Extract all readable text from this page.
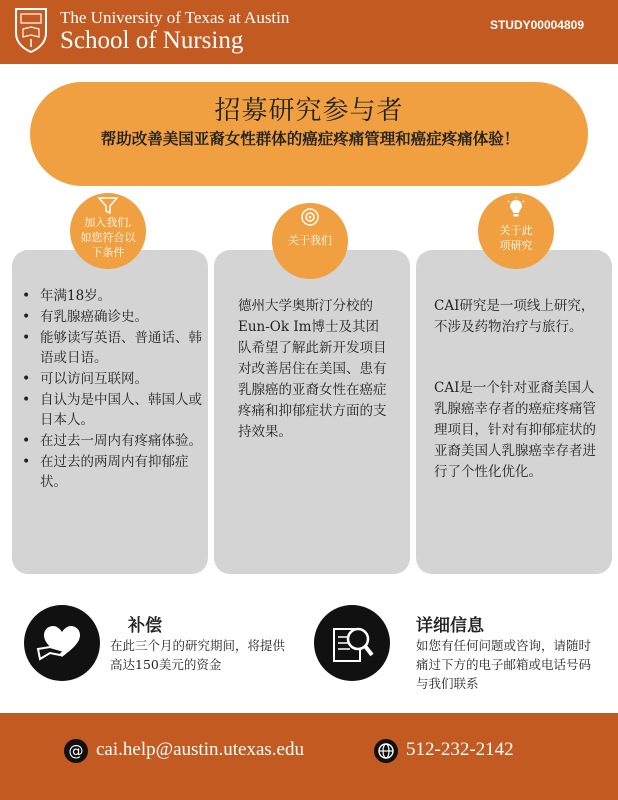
The University of Texas at Austin
School of Nursing
STUDY00004809
招募研究参与者
帮助改善美国亚裔女性群体的癌症疼痛管理和癌症疼痛体验！
• 年满18岁。
• 有乳腺癌确诊史。
• 能够读写英语、普通话、韩语或日语。
• 可以访问互联网。
• 自认为是中国人、韩国人或日本人。
• 在过去一周内有疼痛体验。
• 在过去的两周内有抑郁症状。
加入我们,
如您符合以
下条件
德州大学奥斯汀分校的Eun-Ok Im博士及其团队希望了解此新开发项目对改善居住在美国、患有乳腺癌的亚裔女性在癌症疼痛和抑郁症状方面的支持效果。
关于我们
CAI研究是一项线上研究，不涉及药物治疗与旅行。
CAI是一个针对亚裔美国人乳腺癌幸存者的癌症疼痛管理项目，针对有抑郁症状的亚裔美国人乳腺癌幸存者进行了个性化优化。
关于此
项研究
补偿
在此三个月的研究期间，将提供高达150美元的资金
详细信息
如您有任何问题或咨询，请随时痛过下方的电子邮箱或电话号码与我们联系
@ cai.help@austin.utexas.edu	512-232-2142
